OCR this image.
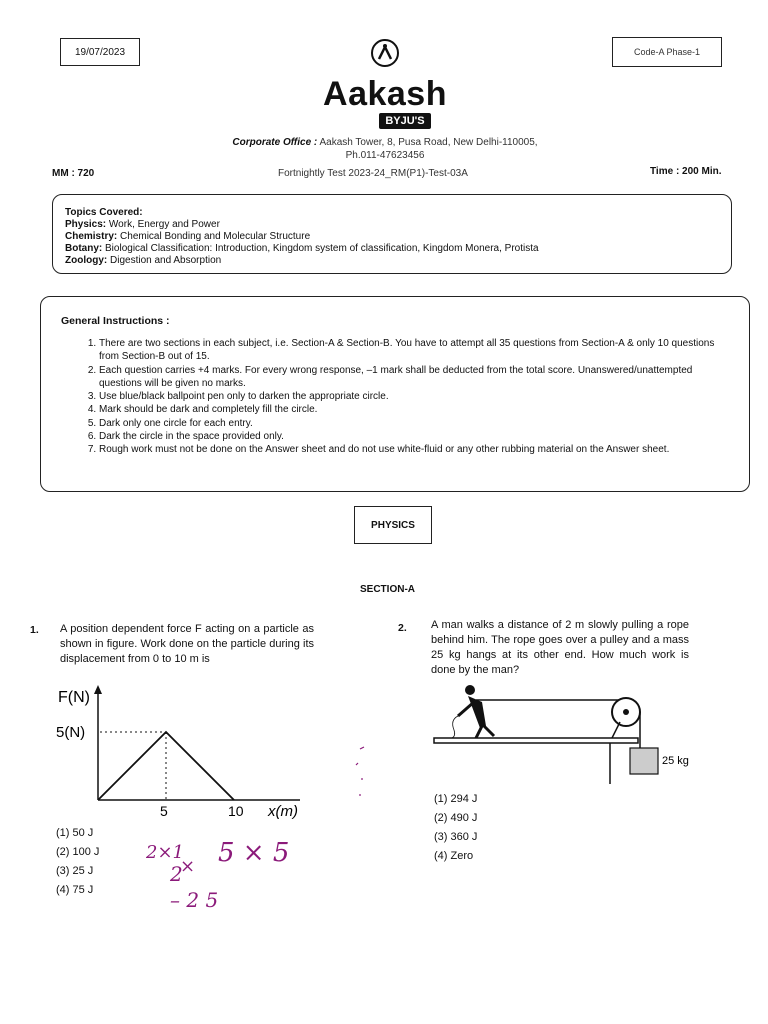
19/07/2023
Aakash
BYJU'S
Code-A Phase-1
Corporate Office : Aakash Tower, 8, Pusa Road, New Delhi-110005,
Ph.011-47623456
MM : 720	Fortnightly Test 2023-24_RM(P1)-Test-03A	Time : 200 Min.
Topics Covered:
Physics: Work, Energy and Power
Chemistry: Chemical Bonding and Molecular Structure
Botany: Biological Classification: Introduction, Kingdom system of classification, Kingdom Monera, Protista
Zoology: Digestion and Absorption
General Instructions :
1. There are two sections in each subject, i.e. Section-A & Section-B. You have to attempt all 35 questions from Section-A & only 10 questions from Section-B out of 15.
2. Each question carries +4 marks. For every wrong response, –1 mark shall be deducted from the total score. Unanswered/unattempted questions will be given no marks.
3. Use blue/black ballpoint pen only to darken the appropriate circle.
4. Mark should be dark and completely fill the circle.
5. Dark only one circle for each entry.
6. Dark the circle in the space provided only.
7. Rough work must not be done on the Answer sheet and do not use white-fluid or any other rubbing material on the Answer sheet.
PHYSICS
SECTION-A
1. A position dependent force F acting on a particle as shown in figure. Work done on the particle during its displacement from 0 to 10 m is
F(N)
5(N)
5	10 x(m)
(1) 50 J
(2) 100 J
(3) 25 J
(4) 75 J
2×1
×
2
5 × 5
– 2 5
2. A man walks a distance of 2 m slowly pulling a rope behind him. The rope goes over a pulley and a mass 25 kg hangs at its other end. How much work is done by the man?
25 kg
(1) 294 J
(2) 490 J
(3) 360 J
(4) Zero
